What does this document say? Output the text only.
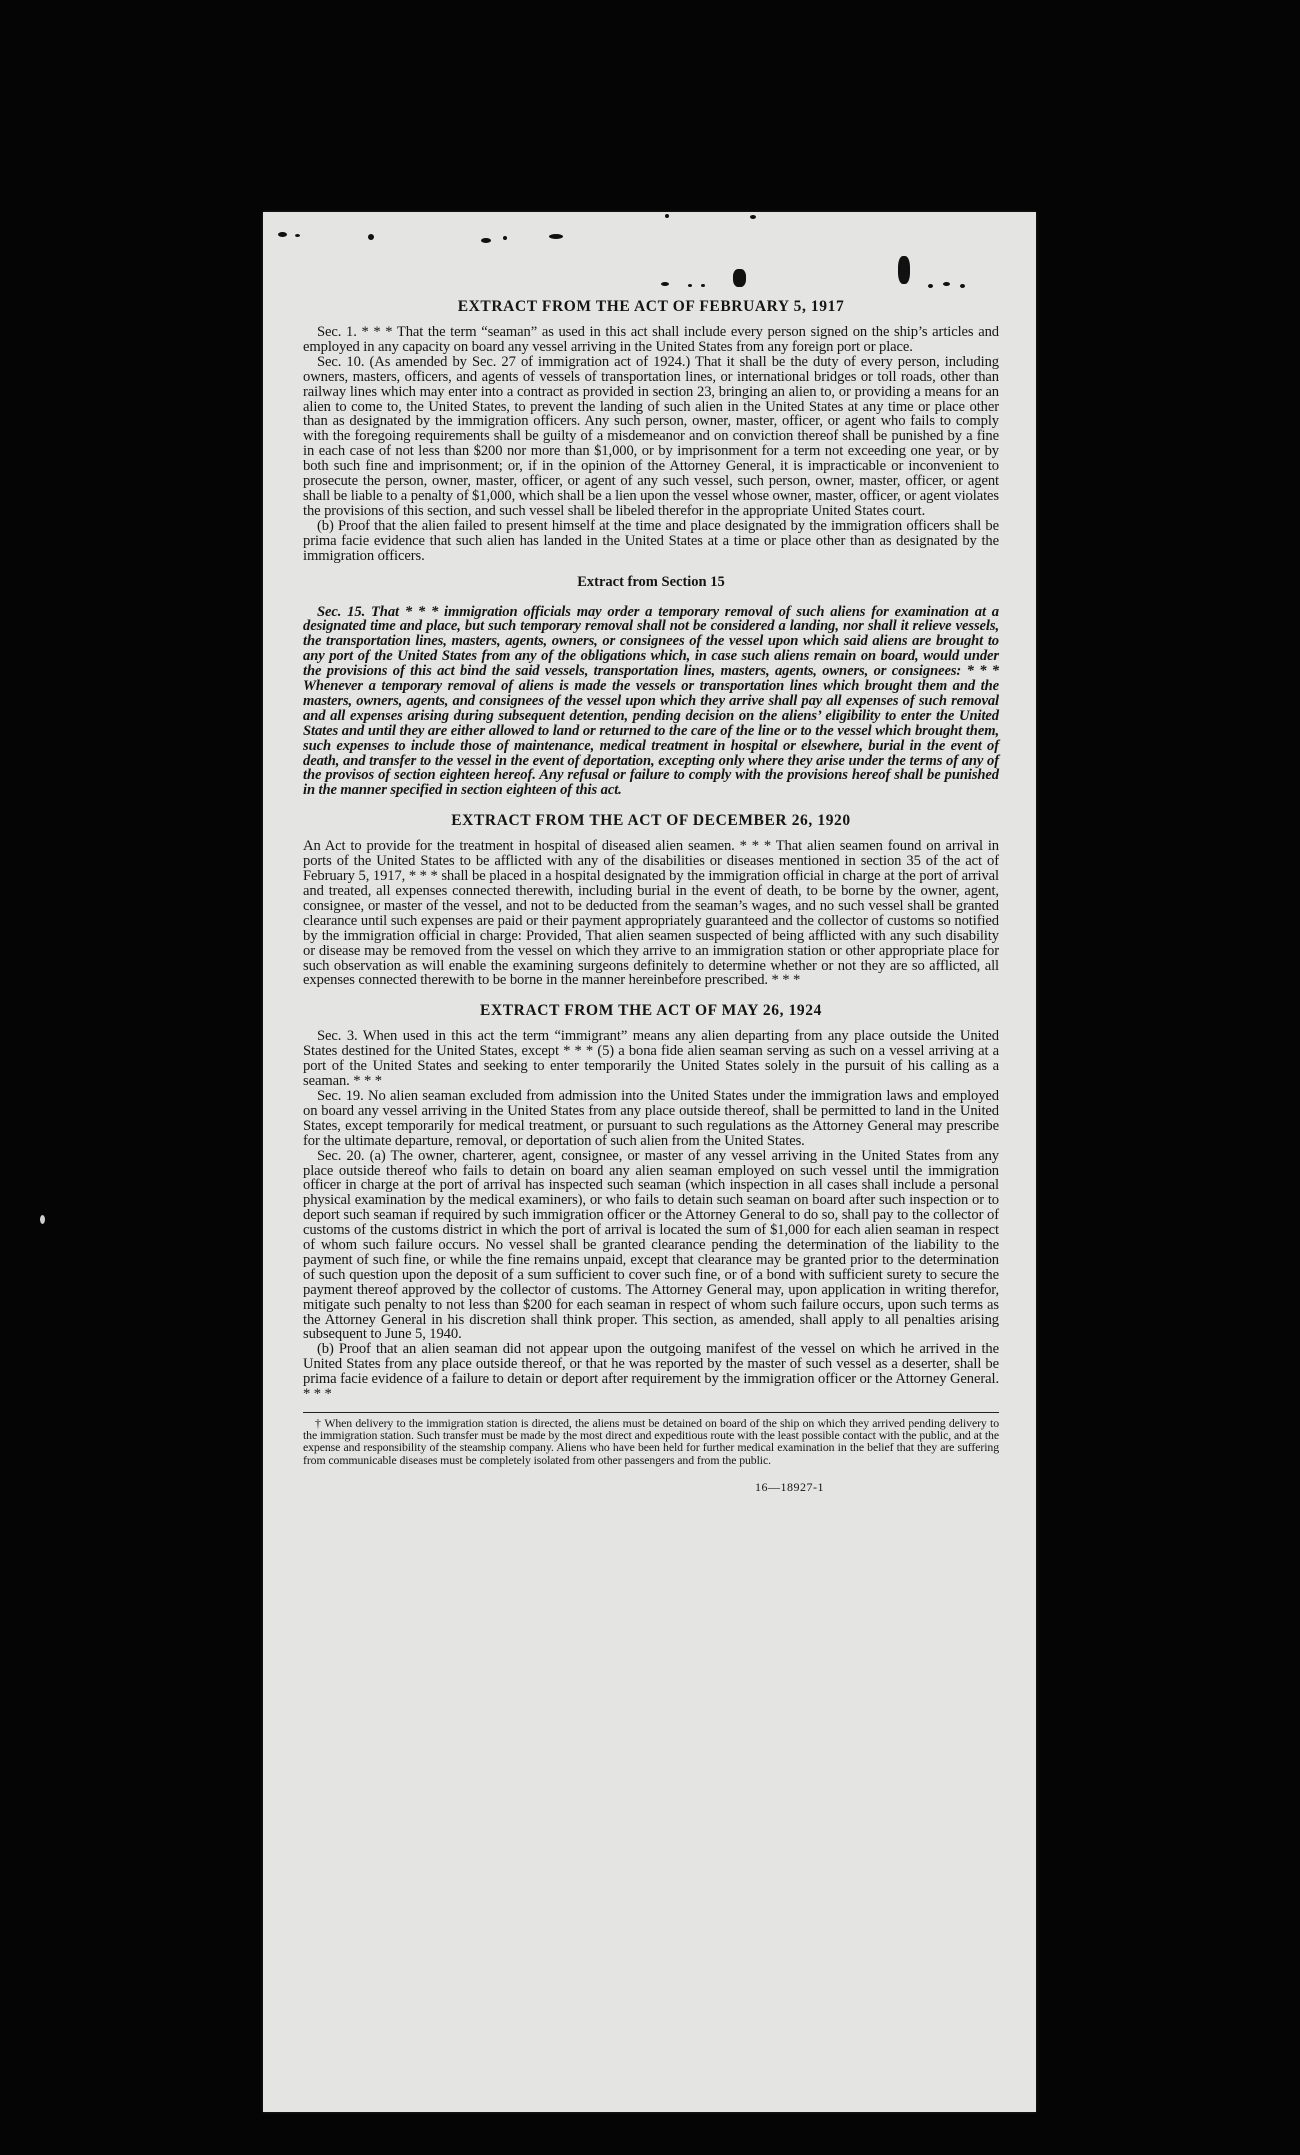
EXTRACT FROM THE ACT OF FEBRUARY 5, 1917

Sec. 1. * * * That the term “seaman” as used in this act shall include every person signed on the ship’s articles and employed in any capacity on board any vessel arriving in the United States from any foreign port or place.

Sec. 10. (As amended by Sec. 27 of immigration act of 1924.) That it shall be the duty of every person, including owners, masters, officers, and agents of vessels of transportation lines, or international bridges or toll roads, other than railway lines which may enter into a contract as provided in section 23, bringing an alien to, or providing a means for an alien to come to, the United States, to prevent the landing of such alien in the United States at any time or place other than as designated by the immigration officers. Any such person, owner, master, officer, or agent who fails to comply with the foregoing requirements shall be guilty of a misdemeanor and on conviction thereof shall be punished by a fine in each case of not less than $200 nor more than $1,000, or by imprisonment for a term not exceeding one year, or by both such fine and imprisonment; or, if in the opinion of the Attorney General, it is impracticable or inconvenient to prosecute the person, owner, master, officer, or agent of any such vessel, such person, owner, master, officer, or agent shall be liable to a penalty of $1,000, which shall be a lien upon the vessel whose owner, master, officer, or agent violates the provisions of this section, and such vessel shall be libeled therefor in the appropriate United States court.

(b) Proof that the alien failed to present himself at the time and place designated by the immigration officers shall be prima facie evidence that such alien has landed in the United States at a time or place other than as designated by the immigration officers.

Extract from Section 15

Sec. 15. That * * * immigration officials may order a temporary removal of such aliens for examination at a designated time and place, but such temporary removal shall not be considered a landing, nor shall it relieve vessels, the transportation lines, masters, agents, owners, or consignees of the vessel upon which said aliens are brought to any port of the United States from any of the obligations which, in case such aliens remain on board, would under the provisions of this act bind the said vessels, transportation lines, masters, agents, owners, or consignees: * * * Whenever a temporary removal of aliens is made the vessels or transportation lines which brought them and the masters, owners, agents, and consignees of the vessel upon which they arrive shall pay all expenses of such removal and all expenses arising during subsequent detention, pending decision on the aliens’ eligibility to enter the United States and until they are either allowed to land or returned to the care of the line or to the vessel which brought them, such expenses to include those of maintenance, medical treatment in hospital or elsewhere, burial in the event of death, and transfer to the vessel in the event of deportation, excepting only where they arise under the terms of any of the provisos of section eighteen hereof. Any refusal or failure to comply with the provisions hereof shall be punished in the manner specified in section eighteen of this act.

EXTRACT FROM THE ACT OF DECEMBER 26, 1920

An Act to provide for the treatment in hospital of diseased alien seamen. * * * That alien seamen found on arrival in ports of the United States to be afflicted with any of the disabilities or diseases mentioned in section 35 of the act of February 5, 1917, * * * shall be placed in a hospital designated by the immigration official in charge at the port of arrival and treated, all expenses connected therewith, including burial in the event of death, to be borne by the owner, agent, consignee, or master of the vessel, and not to be deducted from the seaman’s wages, and no such vessel shall be granted clearance until such expenses are paid or their payment appropriately guaranteed and the collector of customs so notified by the immigration official in charge: Provided, That alien seamen suspected of being afflicted with any such disability or disease may be removed from the vessel on which they arrive to an immigration station or other appropriate place for such observation as will enable the examining surgeons definitely to determine whether or not they are so afflicted, all expenses connected therewith to be borne in the manner hereinbefore prescribed. * * *

EXTRACT FROM THE ACT OF MAY 26, 1924

Sec. 3. When used in this act the term “immigrant” means any alien departing from any place outside the United States destined for the United States, except * * * (5) a bona fide alien seaman serving as such on a vessel arriving at a port of the United States and seeking to enter temporarily the United States solely in the pursuit of his calling as a seaman. * * *

Sec. 19. No alien seaman excluded from admission into the United States under the immigration laws and employed on board any vessel arriving in the United States from any place outside thereof, shall be permitted to land in the United States, except temporarily for medical treatment, or pursuant to such regulations as the Attorney General may prescribe for the ultimate departure, removal, or deportation of such alien from the United States.

Sec. 20. (a) The owner, charterer, agent, consignee, or master of any vessel arriving in the United States from any place outside thereof who fails to detain on board any alien seaman employed on such vessel until the immigration officer in charge at the port of arrival has inspected such seaman (which inspection in all cases shall include a personal physical examination by the medical examiners), or who fails to detain such seaman on board after such inspection or to deport such seaman if required by such immigration officer or the Attorney General to do so, shall pay to the collector of customs of the customs district in which the port of arrival is located the sum of $1,000 for each alien seaman in respect of whom such failure occurs. No vessel shall be granted clearance pending the determination of the liability to the payment of such fine, or while the fine remains unpaid, except that clearance may be granted prior to the determination of such question upon the deposit of a sum sufficient to cover such fine, or of a bond with sufficient surety to secure the payment thereof approved by the collector of customs. The Attorney General may, upon application in writing therefor, mitigate such penalty to not less than $200 for each seaman in respect of whom such failure occurs, upon such terms as the Attorney General in his discretion shall think proper. This section, as amended, shall apply to all penalties arising subsequent to June 5, 1940.

(b) Proof that an alien seaman did not appear upon the outgoing manifest of the vessel on which he arrived in the United States from any place outside thereof, or that he was reported by the master of such vessel as a deserter, shall be prima facie evidence of a failure to detain or deport after requirement by the immigration officer or the Attorney General. * * *

† When delivery to the immigration station is directed, the aliens must be detained on board of the ship on which they arrived pending delivery to the immigration station. Such transfer must be made by the most direct and expeditious route with the least possible contact with the public, and at the expense and responsibility of the steamship company. Aliens who have been held for further medical examination in the belief that they are suffering from communicable diseases must be completely isolated from other passengers and from the public.

16—18927-1
